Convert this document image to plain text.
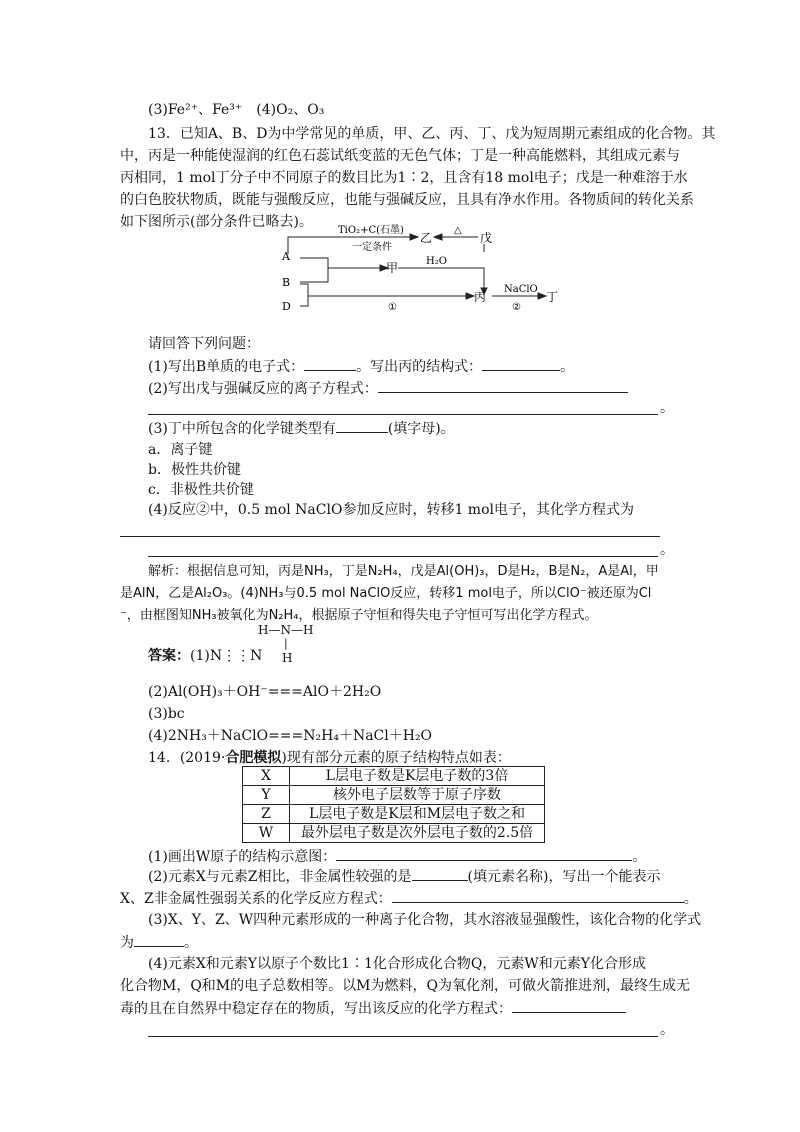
(3)Fe²⁺、Fe³⁺　(4)O₂、O₃
13．已知A、B、D为中学常见的单质，甲、乙、丙、丁、戊为短周期元素组成的化合物。其
中，丙是一种能使湿润的红色石蕊试纸变蓝的无色气体；丁是一种高能燃料，其组成元素与
丙相同，1 mol丁分子中不同原子的数目比为1∶2，且含有18 mol电子；戊是一种难溶于水
的白色胶状物质，既能与强酸反应，也能与强碱反应，且具有净水作用。各物质间的转化关系
如下图所示(部分条件已略去)。
A
B
D
乙	戊
甲
丙	丁
TiO₂+C(石墨)
一定条件
△
H₂O
①
NaClO
②
请回答下列问题：
(1)写出B单质的电子式：	。写出丙的结构式：	。
(2)写出戊与强碱反应的离子方程式：
。
(3)丁中所包含的化学键类型有	(填字母)。
a．离子键
b．极性共价键
c．非极性共价键
(4)反应②中，0.5 mol NaClO参加反应时，转移1 mol电子，其化学方程式为
。
解析：根据信息可知，丙是NH₃，丁是N₂H₄，戊是Al(OH)₃，D是H₂，B是N₂，A是Al，甲
是AlN，乙是Al₂O₃。(4)NH₃与0.5 mol NaClO反应，转移1 mol电子，所以ClO⁻被还原为Cl
⁻，由框图知NH₃被氧化为N₂H₄，根据原子守恒和得失电子守恒可写出化学方程式。
H—N—H
|
H
答案：(1)N⋮⋮N
(2)Al(OH)₃＋OH⁻===AlO＋2H₂O
(3)bc
(4)2NH₃＋NaClO===N₂H₄＋NaCl＋H₂O
14．(2019·合肥模拟)现有部分元素的原子结构特点如表：
X	L层电子数是K层电子数的3倍
Y	核外电子层数等于原子序数
Z	L层电子数是K层和M层电子数之和
W	最外层电子数是次外层电子数的2.5倍
(1)画出W原子的结构示意图：	。
(2)元素X与元素Z相比，非金属性较强的是	(填元素名称)，写出一个能表示
X、Z非金属性强弱关系的化学反应方程式：	。
(3)X、Y、Z、W四种元素形成的一种离子化合物，其水溶液显强酸性，该化合物的化学式
为	。
(4)元素X和元素Y以原子个数比1∶1化合形成化合物Q，元素W和元素Y化合形成
化合物M，Q和M的电子总数相等。以M为燃料，Q为氧化剂，可做火箭推进剂，最终生成无
毒的且在自然界中稳定存在的物质，写出该反应的化学方程式：
。
